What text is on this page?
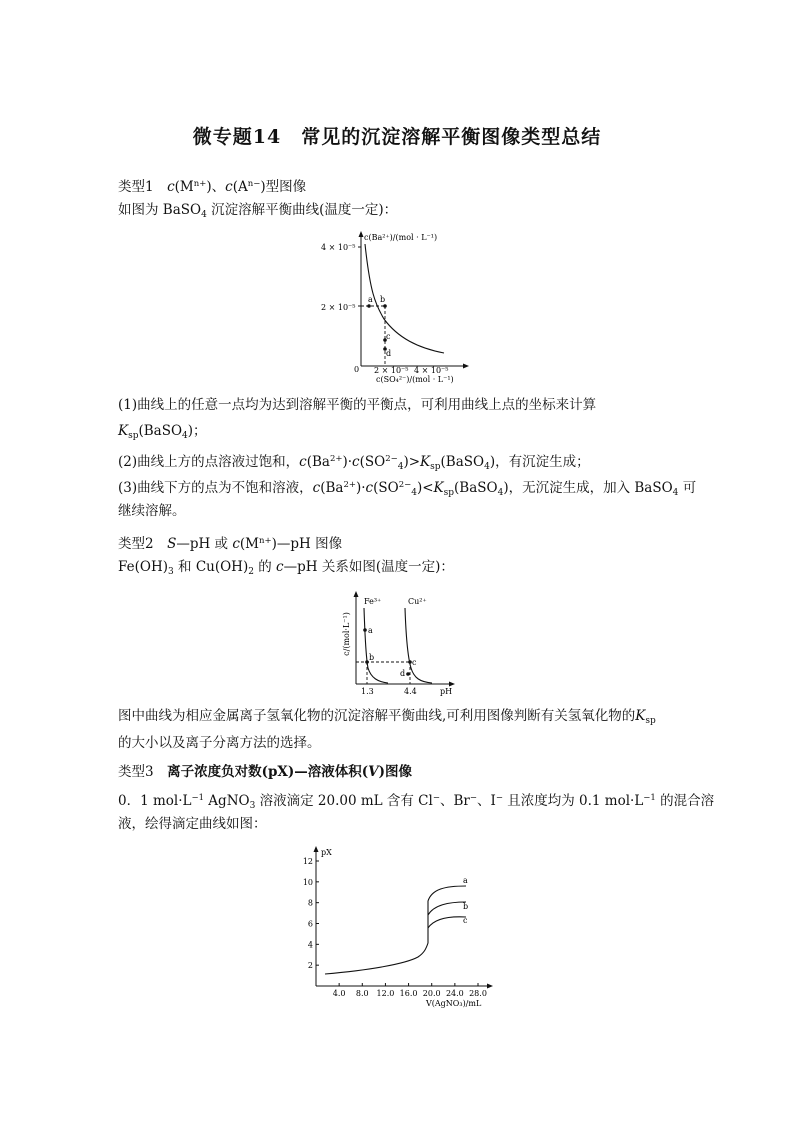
微专题14　常见的沉淀溶解平衡图像类型总结
类型1　$c(M^{n+})$、$c(A^{n-})$型图像
如图为 BaSO$_4$ 沉淀溶解平衡曲线(温度一定)：
c(Ba²⁺)/(mol · L⁻¹)
4 × 10⁻⁵
2 × 10⁻⁵
0 2 × 10⁻⁵ 4 × 10⁻⁵
c(SO₄²⁻)/(mol · L⁻¹)
a b
c
d
(1)曲线上的任意一点均为达到溶解平衡的平衡点，可利用曲线上点的坐标来计算
$K_{sp}(BaSO_4)$；
(2)曲线上方的点溶液过饱和，$c(Ba^{2+})\cdot c(SO^{2-}_4)>K_{sp}(BaSO_4)$，有沉淀生成；
(3)曲线下方的点为不饱和溶液，$c(Ba^{2+})\cdot c(SO^{2-}_4)<K_{sp}(BaSO_4)$，无沉淀生成，加入 BaSO$_4$ 可
继续溶解。
类型2　S—pH 或 $c(M^{n+})—pH$ 图像
$Fe(OH)_3$ 和 $Cu(OH)_2$ 的 c—pH 关系如图(温度一定)：
c/(mol·L⁻¹)
Fe³⁺	Cu²⁺
a
b
c
d
1.3	4.4	pH
图中曲线为相应金属离子氢氧化物的沉淀溶解平衡曲线,可利用图像判断有关氢氧化物的$K_{sp}$
的大小以及离子分离方法的选择。
类型3　离子浓度负对数(pX)—溶液体积(V)图像
0．1 $mol\cdot L^{-1}$ AgNO$_3$ 溶液滴定 20.00 mL 含有 Cl−、Br−、I− 且浓度均为 0.1 $mol\cdot L^{-1}$ 的混合溶
液，绘得滴定曲线如图：
pX
2
4
6
8
10
12
4.0 8.0 12.0 16.0 20.0 24.0 28.0
V(AgNO₃)/mL
a
b
c
